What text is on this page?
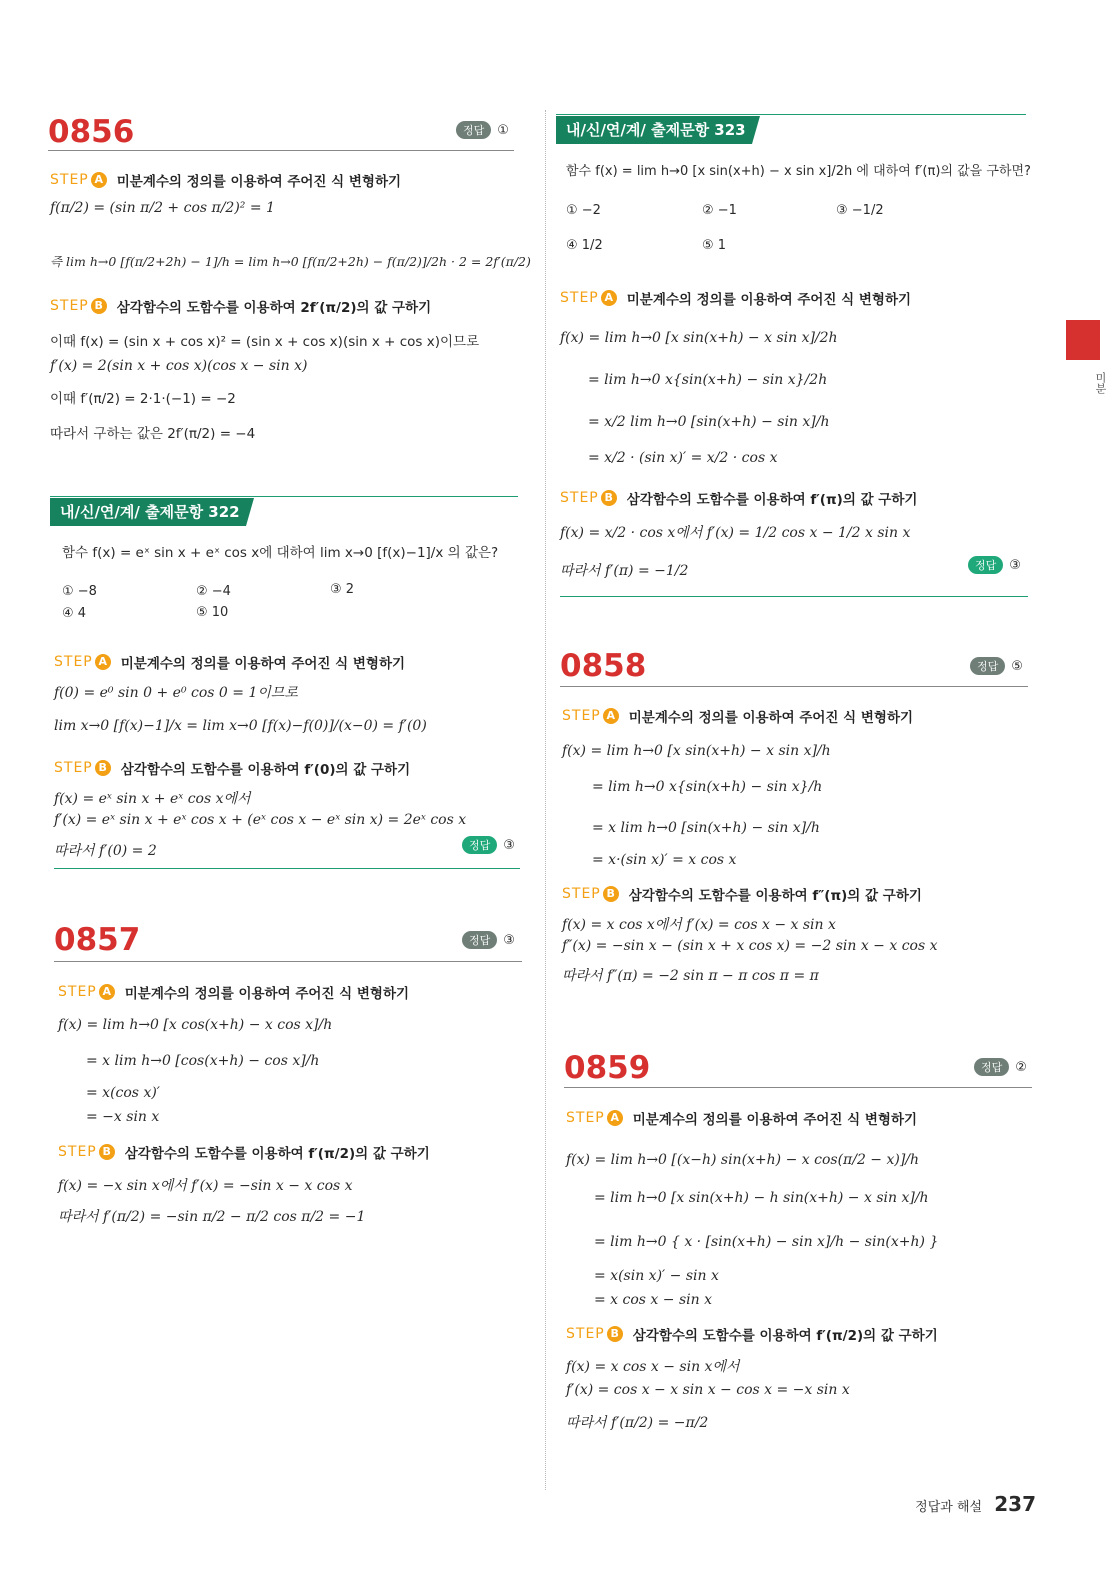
0856	정답	①
STEP A 미분계수의 정의를 이용하여 주어진 식 변형하기
f(π/2) = (sin π/2 + cos π/2)² = 1
즉 lim h→0 [f(π/2+2h) − 1]/h = lim h→0 [f(π/2+2h) − f(π/2)]/2h · 2 = 2f′(π/2)
STEP B 삼각함수의 도함수를 이용하여 2f′(π/2)의 값 구하기
이때 f(x) = (sin x + cos x)² = (sin x + cos x)(sin x + cos x)이므로
f′(x) = 2(sin x + cos x)(cos x − sin x)
이때 f′(π/2) = 2·1·(−1) = −2
따라서 구하는 값은 2f′(π/2) = −4
내/신/연/계/ 출제문항 322
함수 f(x) = eˣ sin x + eˣ cos x에 대하여 lim x→0 [f(x)−1]/x 의 값은?
① −8	② −4	③ 2
④ 4	⑤ 10
STEP A 미분계수의 정의를 이용하여 주어진 식 변형하기
f(0) = e⁰ sin 0 + e⁰ cos 0 = 1이므로
lim x→0 [f(x)−1]/x = lim x→0 [f(x)−f(0)]/(x−0) = f′(0)
STEP B 삼각함수의 도함수를 이용하여 f′(0)의 값 구하기
f(x) = eˣ sin x + eˣ cos x에서
f′(x) = eˣ sin x + eˣ cos x + (eˣ cos x − eˣ sin x) = 2eˣ cos x
따라서 f′(0) = 2	정답	③
0857	정답	③
STEP A 미분계수의 정의를 이용하여 주어진 식 변형하기
f(x) = lim h→0 [x cos(x+h) − x cos x]/h
= x lim h→0 [cos(x+h) − cos x]/h
= x(cos x)′
= −x sin x
STEP B 삼각함수의 도함수를 이용하여 f′(π/2)의 값 구하기
f(x) = −x sin x에서 f′(x) = −sin x − x cos x
따라서 f′(π/2) = −sin π/2 − π/2 cos π/2 = −1
내/신/연/계/ 출제문항 323
함수 f(x) = lim h→0 [x sin(x+h) − x sin x]/2h 에 대하여 f′(π)의 값을 구하면?
① −2	② −1	③ −1/2
④ 1/2	⑤ 1
STEP A 미분계수의 정의를 이용하여 주어진 식 변형하기
f(x) = lim h→0 [x sin(x+h) − x sin x]/2h
= lim h→0 x{sin(x+h) − sin x}/2h
= x/2 lim h→0 [sin(x+h) − sin x]/h
= x/2 · (sin x)′ = x/2 · cos x
STEP B 삼각함수의 도함수를 이용하여 f′(π)의 값 구하기
f(x) = x/2 · cos x에서 f′(x) = 1/2 cos x − 1/2 x sin x
따라서 f′(π) = −1/2	정답	③
0858	정답	⑤
STEP A 미분계수의 정의를 이용하여 주어진 식 변형하기
f(x) = lim h→0 [x sin(x+h) − x sin x]/h
= lim h→0 x{sin(x+h) − sin x}/h
= x lim h→0 [sin(x+h) − sin x]/h
= x·(sin x)′ = x cos x
STEP B 삼각함수의 도함수를 이용하여 f″(π)의 값 구하기
f(x) = x cos x에서 f′(x) = cos x − x sin x
f″(x) = −sin x − (sin x + x cos x) = −2 sin x − x cos x
따라서 f″(π) = −2 sin π − π cos π = π
0859	정답	②
STEP A 미분계수의 정의를 이용하여 주어진 식 변형하기
f(x) = lim h→0 [(x−h) sin(x+h) − x cos(π/2 − x)]/h
= lim h→0 [x sin(x+h) − h sin(x+h) − x sin x]/h
= lim h→0 { x · [sin(x+h) − sin x]/h − sin(x+h) }
= x(sin x)′ − sin x
= x cos x − sin x
STEP B 삼각함수의 도함수를 이용하여 f′(π/2)의 값 구하기
f(x) = x cos x − sin x에서
f′(x) = cos x − x sin x − cos x = −x sin x
따라서 f′(π/2) = −π/2
미분
정답과 해설 237
